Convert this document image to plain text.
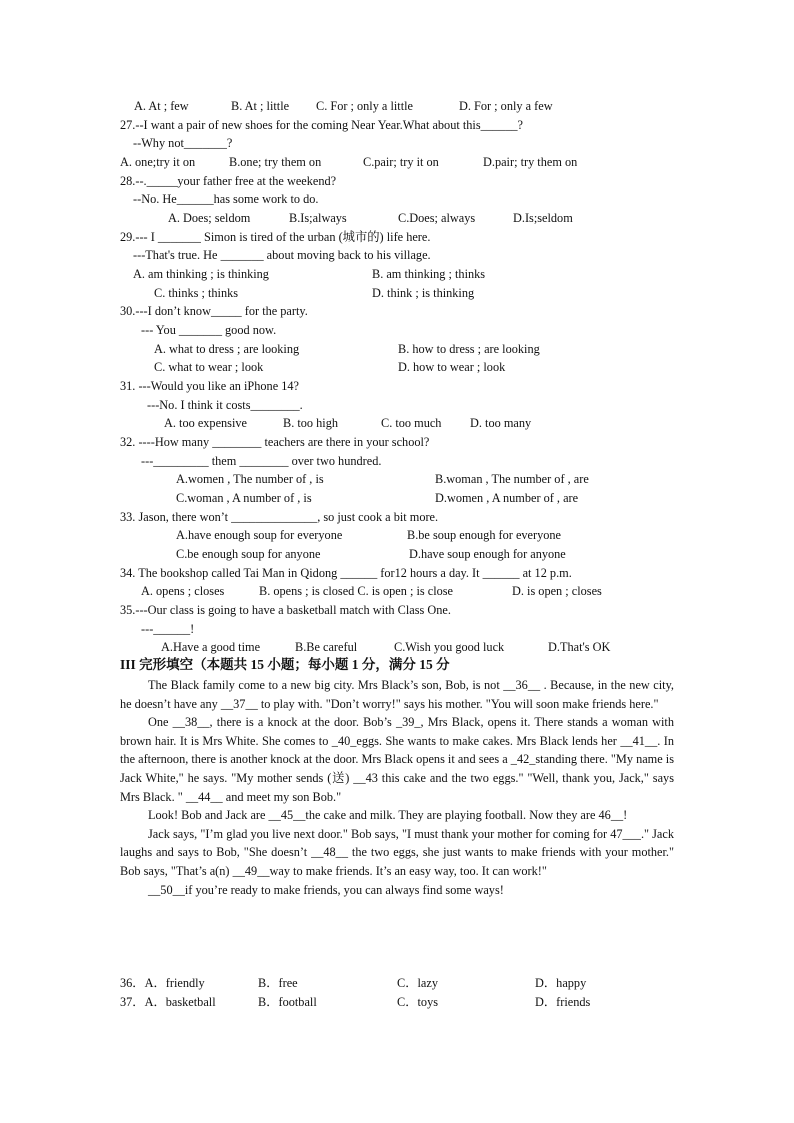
A. At ; few	B. At ; little C. For ; only a little	D. For ; only a few
27.--I want a pair of new shoes for the coming Near Year.What about this______?
--Why not_______?
A. one;try it on	B.one; try them on	C.pair; try it on	D.pair; try them on
28.--._____your father free at the weekend?
--No. He______has some work to do.
A. Does; seldom	B.Is;always	C.Does; always	D.Is;seldom
29.--- I _______ Simon is tired of the urban (城市的) life here.
---That's true. He _______ about moving back to his village.
A. am thinking ; is thinking	B. am thinking ; thinks
C. thinks ; thinks	D. think ; is thinking
30.---I don’t know_____ for the party.
--- You _______ good now.
A. what to dress ; are looking	B. how to dress ; are looking
C. what to wear ; look	D. how to wear ; look
31. ---Would you like an iPhone 14?
---No. I think it costs________.
A. too expensive	B. too high	C. too much D. too many
32. ----How many ________ teachers are there in your school?
---_________ them ________ over two hundred.
A.women , The number of , is	B.woman , The number of , are
C.woman , A number of , is	D.women , A number of , are
33. Jason, there won’t ______________, so just cook a bit more.
A.have enough soup for everyone	B.be soup enough for everyone
C.be enough soup for anyone	D.have soup enough for anyone
34. The bookshop called Tai Man in Qidong ______ for12 hours a day. It ______ at 12 p.m.
A. opens ; closes	B. opens ; is closed C. is open ; is close	D. is open ; closes
35.---Our class is going to have a basketball match with Class One.
---______!
A.Have a good time	B.Be careful	C.Wish you good luck	D.That's OK
III 完形填空（本题共 15 小题；每小题 1 分，满分 15 分

The Black family come to a new big city. Mrs Black’s son, Bob, is not __36__ . Because, in the new city, he doesn’t have any __37__ to play with. "Don’t worry!" says his mother. "You will soon make friends here."

One __38__, there is a knock at the door. Bob’s _39_, Mrs Black, opens it. There stands a woman with brown hair. It is Mrs White. She comes to _40_eggs. She wants to make cakes. Mrs Black lends her __41__. In the afternoon, there is another knock at the door. Mrs Black opens it and sees a _42_standing there. "My name is Jack White," he says. "My mother sends (送) __43 this cake and the two eggs." "Well, thank you, Jack," says Mrs Black. " __44__ and meet my son Bob."

Look! Bob and Jack are __45__the cake and milk. They are playing football. Now they are 46__!

Jack says, "I’m glad you live next door." Bob says, "I must thank your mother for coming for 47___." Jack laughs and says to Bob, "She doesn’t __48__ the two eggs, she just wants to make friends with your mother." Bob says, "That’s a(n) __49__way to make friends. It’s an easy way, too. It can work!"

__50__if you’re ready to make friends, you can always find some ways!

36．A．friendly	B．free	C．lazy	D．happy
37．A．basketball	B．football	C．toys	D．friends
